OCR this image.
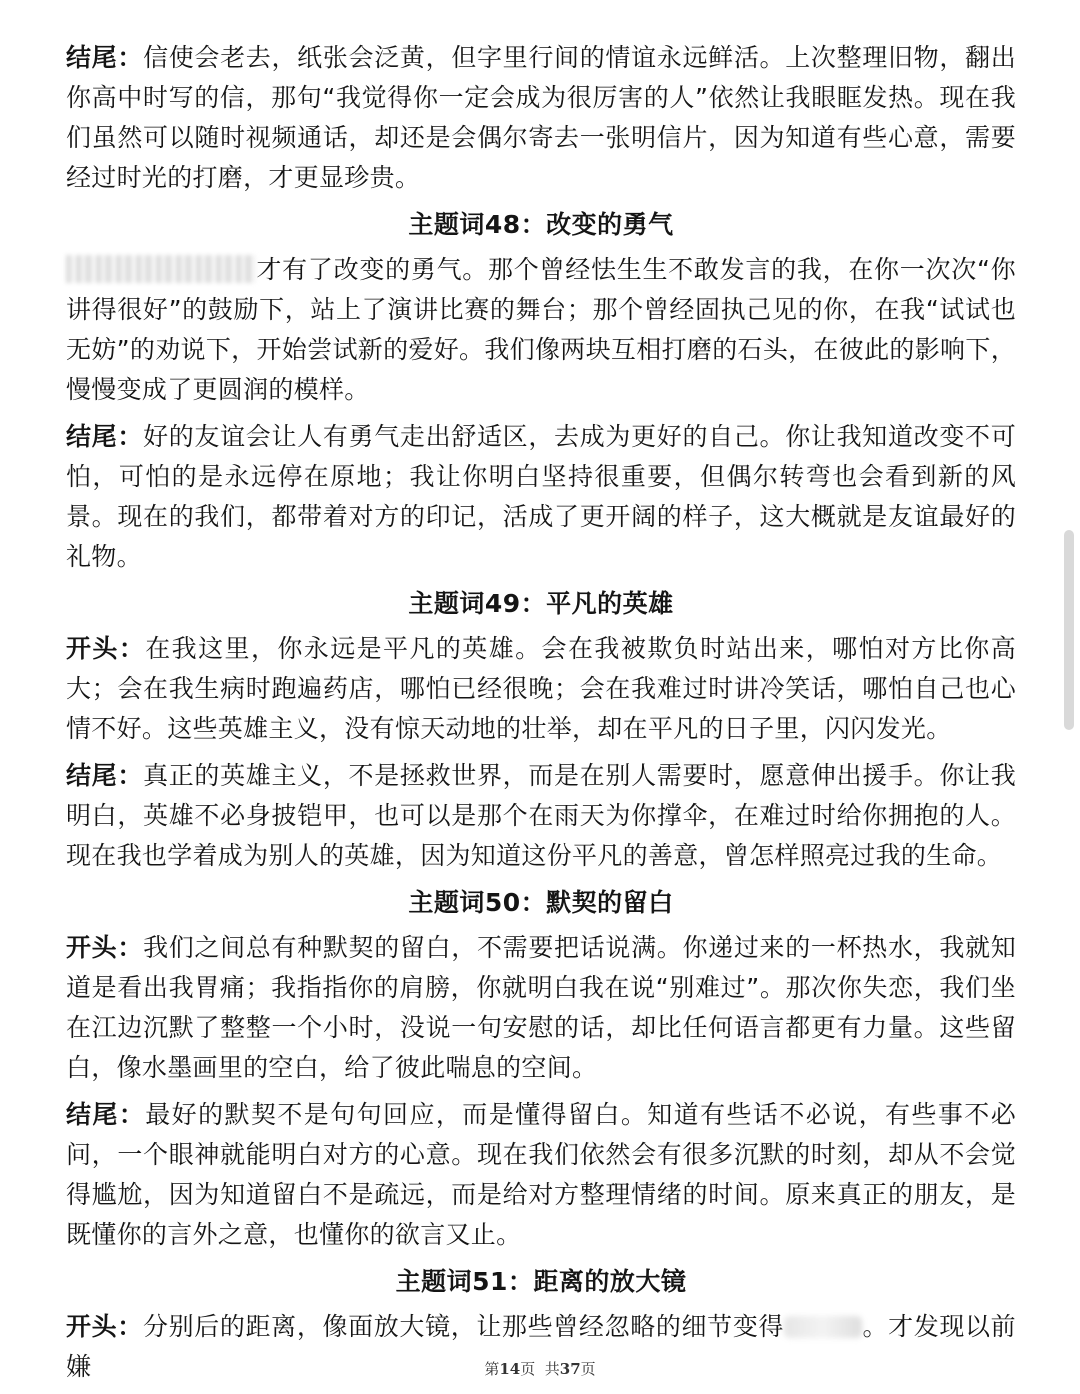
结尾：信使会老去，纸张会泛黄，但字里行间的情谊永远鲜活。上次整理旧物，翻出你高中时写的信，那句“我觉得你一定会成为很厉害的人”依然让我眼眶发热。现在我们虽然可以随时视频通话，却还是会偶尔寄去一张明信片，因为知道有些心意，需要经过时光的打磨，才更显珍贵。

主题词48：改变的勇气

才有了改变的勇气。那个曾经怯生生不敢发言的我，在你一次次“你讲得很好”的鼓励下，站上了演讲比赛的舞台；那个曾经固执己见的你，在我“试试也无妨”的劝说下，开始尝试新的爱好。我们像两块互相打磨的石头，在彼此的影响下，慢慢变成了更圆润的模样。

结尾：好的友谊会让人有勇气走出舒适区，去成为更好的自己。你让我知道改变不可怕，可怕的是永远停在原地；我让你明白坚持很重要，但偶尔转弯也会看到新的风景。现在的我们，都带着对方的印记，活成了更开阔的样子，这大概就是友谊最好的礼物。

主题词49：平凡的英雄

开头：在我这里，你永远是平凡的英雄。会在我被欺负时站出来，哪怕对方比你高大；会在我生病时跑遍药店，哪怕已经很晚；会在我难过时讲冷笑话，哪怕自己也心情不好。这些英雄主义，没有惊天动地的壮举，却在平凡的日子里，闪闪发光。

结尾：真正的英雄主义，不是拯救世界，而是在别人需要时，愿意伸出援手。你让我明白，英雄不必身披铠甲，也可以是那个在雨天为你撑伞，在难过时给你拥抱的人。现在我也学着成为别人的英雄，因为知道这份平凡的善意，曾怎样照亮过我的生命。

主题词50：默契的留白

开头：我们之间总有种默契的留白，不需要把话说满。你递过来的一杯热水，我就知道是看出我胃痛；我指指你的肩膀，你就明白我在说“别难过”。那次你失恋，我们坐在江边沉默了整整一个小时，没说一句安慰的话，却比任何语言都更有力量。这些留白，像水墨画里的空白，给了彼此喘息的空间。

结尾：最好的默契不是句句回应，而是懂得留白。知道有些话不必说，有些事不必问，一个眼神就能明白对方的心意。现在我们依然会有很多沉默的时刻，却从不会觉得尴尬，因为知道留白不是疏远，而是给对方整理情绪的时间。原来真正的朋友，是既懂你的言外之意，也懂你的欲言又止。

主题词51：距离的放大镜

开头：分别后的距离，像面放大镜，让那些曾经忽略的细节变得	。才发现以前嫌	第14页  共37页
